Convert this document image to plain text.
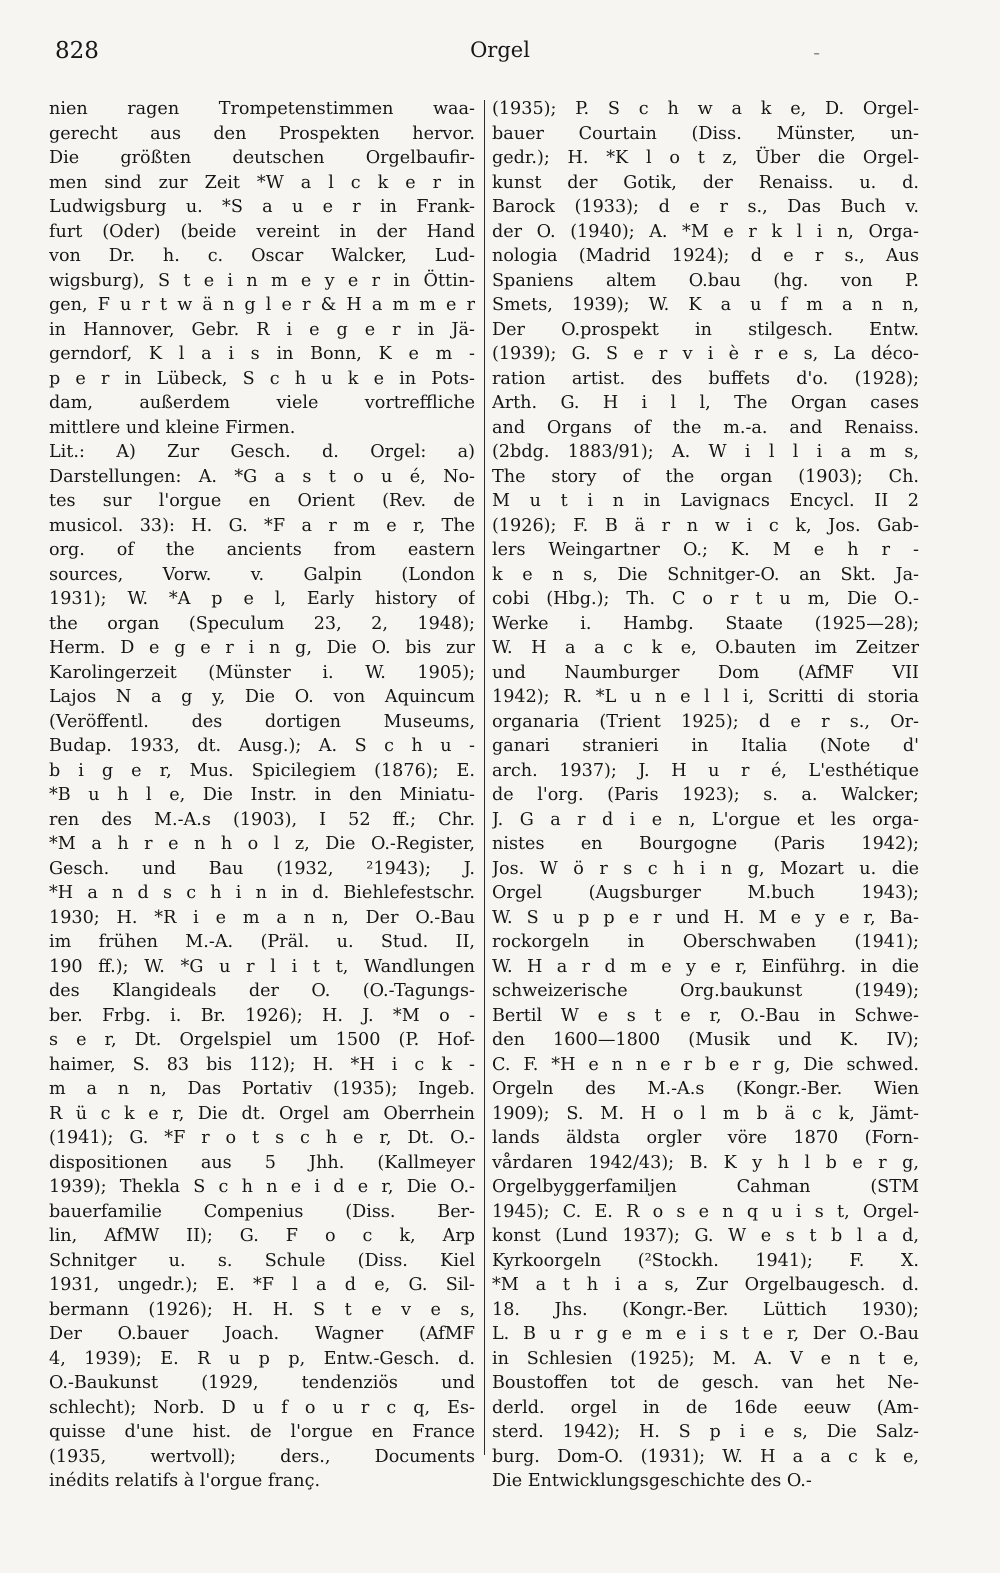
828	Orgel	-
nien ragen Trompetenstimmen waa-
gerecht aus den Prospekten hervor.
Die größten deutschen Orgelbaufir-
men sind zur Zeit *W a l c k e r in
Ludwigsburg u. *S a u e r in Frank-
furt (Oder) (beide vereint in der Hand
von Dr. h. c. Oscar Walcker, Lud-
wigsburg), S t e i n m e y e r in Öttin-
gen, F u r t w ä n g l e r & H a m m e r
in Hannover, Gebr. R i e g e r in Jä-
gerndorf, K l a i s in Bonn, K e m -
p e r in Lübeck, S c h u k e in Pots-
dam, außerdem viele vortreffliche
mittlere und kleine Firmen.
Lit.: A) Zur Gesch. d. Orgel: a)
Darstellungen: A. *G a s t o u é, No-
tes sur l'orgue en Orient (Rev. de
musicol. 33): H. G. *F a r m e r, The
org. of the ancients from eastern
sources, Vorw. v. Galpin (London
1931); W. *A p e l, Early history of
the organ (Speculum 23, 2, 1948);
Herm. D e g e r i n g, Die O. bis zur
Karolingerzeit (Münster i. W. 1905);
Lajos N a g y, Die O. von Aquincum
(Veröffentl. des dortigen Museums,
Budap. 1933, dt. Ausg.); A. S c h u -
b i g e r, Mus. Spicilegiem (1876); E.
*B u h l e, Die Instr. in den Miniatu-
ren des M.-A.s (1903), I 52 ff.; Chr.
*M a h r e n h o l z, Die O.-Register,
Gesch. und Bau (1932, ²1943); J.
*H a n d s c h i n in d. Biehlefestschr.
1930; H. *R i e m a n n, Der O.-Bau
im frühen M.-A. (Präl. u. Stud. II,
190 ff.); W. *G u r l i t t, Wandlungen
des Klangideals der O. (O.-Tagungs-
ber. Frbg. i. Br. 1926); H. J. *M o -
s e r, Dt. Orgelspiel um 1500 (P. Hof-
haimer, S. 83 bis 112); H. *H i c k -
m a n n, Das Portativ (1935); Ingeb.
R ü c k e r, Die dt. Orgel am Oberrhein
(1941); G. *F r o t s c h e r, Dt. O.-
dispositionen aus 5 Jhh. (Kallmeyer
1939); Thekla S c h n e i d e r, Die O.-
bauerfamilie Compenius (Diss. Ber-
lin, AfMW II); G. F o c k, Arp
Schnitger u. s. Schule (Diss. Kiel
1931, ungedr.); E. *F l a d e, G. Sil-
bermann (1926); H. H. S t e v e s,
Der O.bauer Joach. Wagner (AfMF
4, 1939); E. R u p p, Entw.-Gesch. d.
O.-Baukunst (1929, tendenziös und
schlecht); Norb. D u f o u r c q, Es-
quisse d'une hist. de l'orgue en France
(1935, wertvoll); ders., Documents
inédits relatifs à l'orgue franç.
(1935); P. S c h w a k e, D. Orgel-
bauer Courtain (Diss. Münster, un-
gedr.); H. *K l o t z, Über die Orgel-
kunst der Gotik, der Renaiss. u. d.
Barock (1933); d e r s., Das Buch v.
der O. (1940); A. *M e r k l i n, Orga-
nologia (Madrid 1924); d e r s., Aus
Spaniens altem O.bau (hg. von P.
Smets, 1939); W. K a u f m a n n,
Der O.prospekt in stilgesch. Entw.
(1939); G. S e r v i è r e s, La déco-
ration artist. des buffets d'o. (1928);
Arth. G. H i l l, The Organ cases
and Organs of the m.-a. and Renaiss.
(2bdg. 1883/91); A. W i l l i a m s,
The story of the organ (1903); Ch.
M u t i n in Lavignacs Encycl. II 2
(1926); F. B ä r n w i c k, Jos. Gab-
lers Weingartner O.; K. M e h r -
k e n s, Die Schnitger-O. an Skt. Ja-
cobi (Hbg.); Th. C o r t u m, Die O.-
Werke i. Hambg. Staate (1925—28);
W. H a a c k e, O.bauten im Zeitzer
und Naumburger Dom (AfMF VII
1942); R. *L u n e l l i, Scritti di storia
organaria (Trient 1925); d e r s., Or-
ganari stranieri in Italia (Note d'
arch. 1937); J. H u r é, L'esthétique
de l'org. (Paris 1923); s. a. Walcker;
J. G a r d i e n, L'orgue et les orga-
nistes en Bourgogne (Paris 1942);
Jos. W ö r s c h i n g, Mozart u. die
Orgel (Augsburger M.buch 1943);
W. S u p p e r und H. M e y e r, Ba-
rockorgeln in Oberschwaben (1941);
W. H a r d m e y e r, Einführg. in die
schweizerische Org.baukunst (1949);
Bertil W e s t e r, O.-Bau in Schwe-
den 1600—1800 (Musik und K. IV);
C. F. *H e n n e r b e r g, Die schwed.
Orgeln des M.-A.s (Kongr.-Ber. Wien
1909); S. M. H o l m b ä c k, Jämt-
lands äldsta orgler vöre 1870 (Forn-
vårdaren 1942/43); B. K y h l b e r g,
Orgelbyggerfamiljen Cahman (STM
1945); C. E. R o s e n q u i s t, Orgel-
konst (Lund 1937); G. W e s t b l a d,
Kyrkoorgeln (²Stockh. 1941); F. X.
*M a t h i a s, Zur Orgelbaugesch. d.
18. Jhs. (Kongr.-Ber. Lüttich 1930);
L. B u r g e m e i s t e r, Der O.-Bau
in Schlesien (1925); M. A. V e n t e,
Boustoffen tot de gesch. van het Ne-
derld. orgel in de 16de eeuw (Am-
sterd. 1942); H. S p i e s, Die Salz-
burg. Dom-O. (1931); W. H a a c k e,
Die Entwicklungsgeschichte des O.-
